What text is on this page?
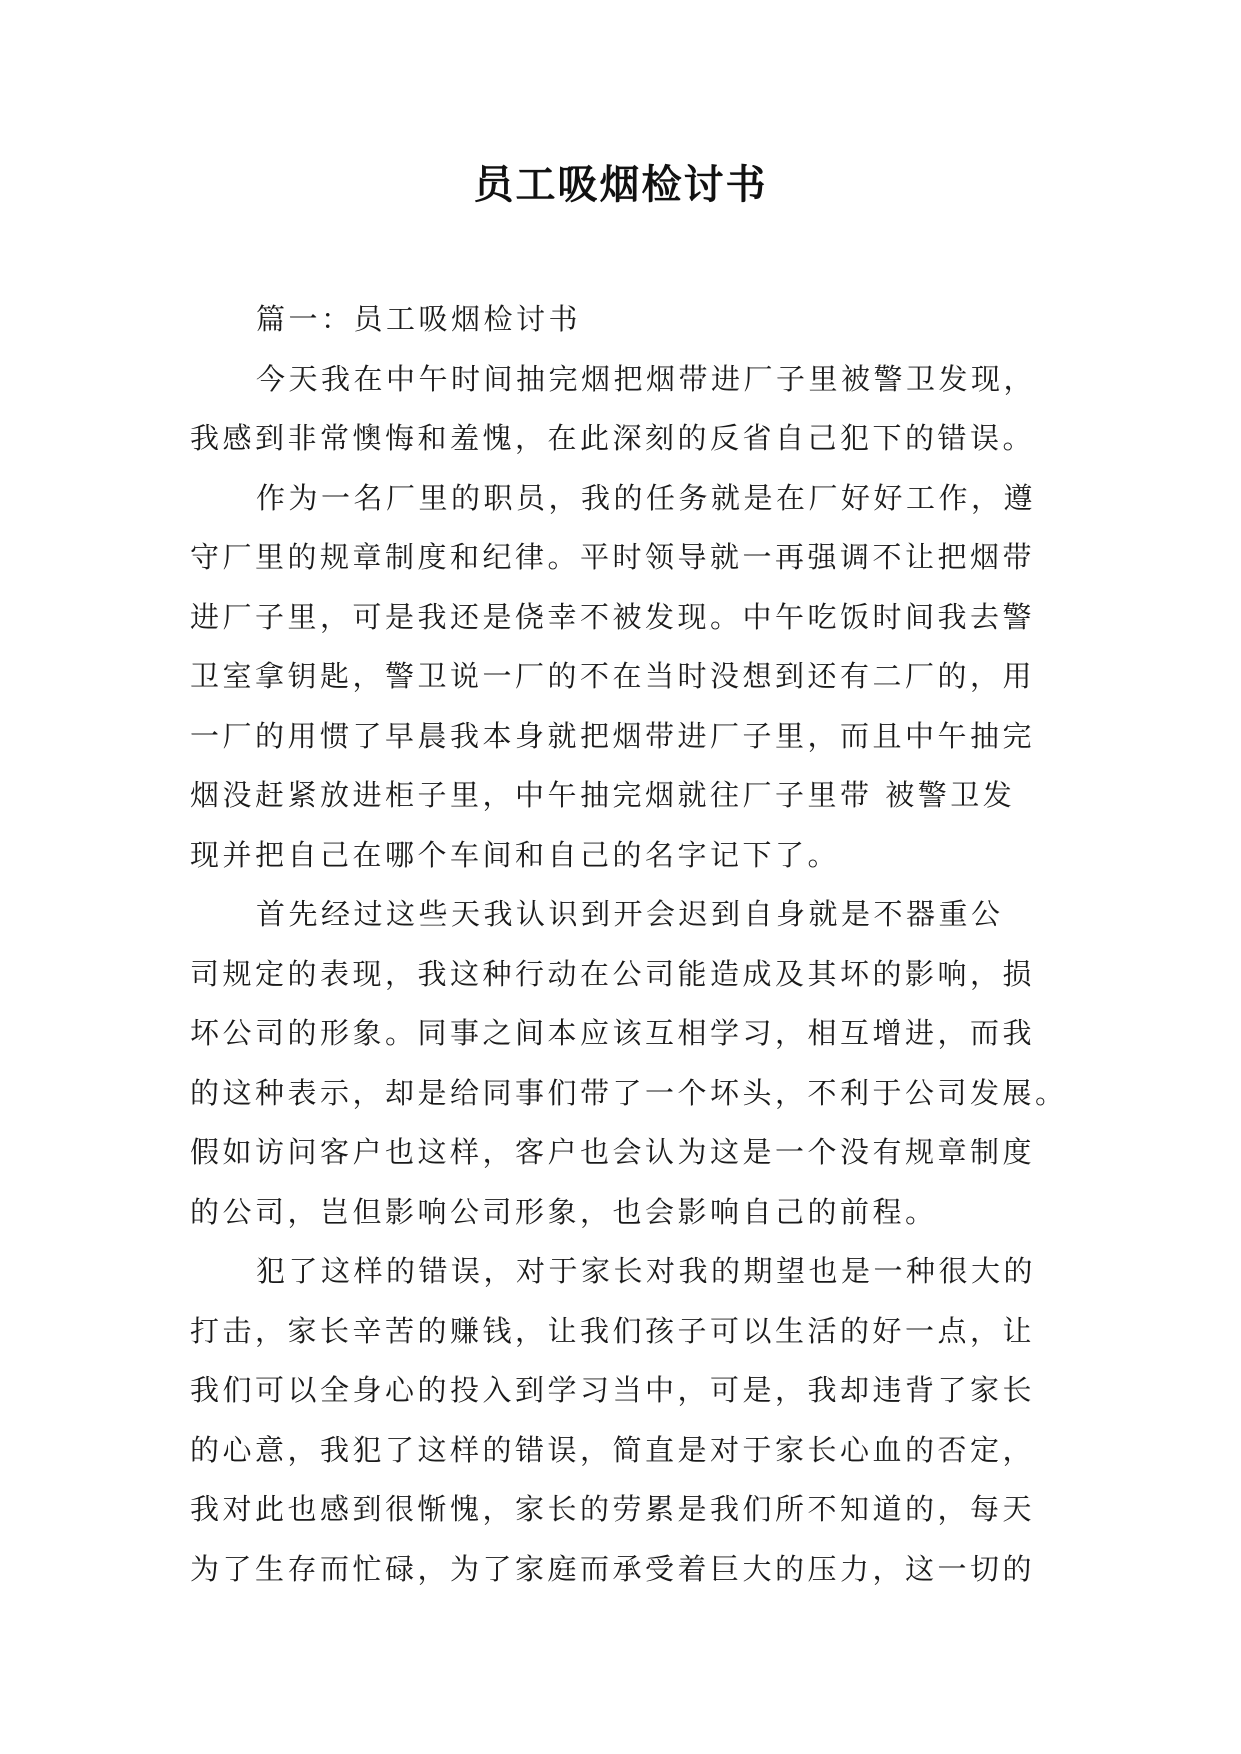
员工吸烟检讨书
篇一：员工吸烟检讨书
今天我在中午时间抽完烟把烟带进厂子里被警卫发现，
我感到非常懊悔和羞愧，在此深刻的反省自己犯下的错误。
作为一名厂里的职员，我的任务就是在厂好好工作，遵
守厂里的规章制度和纪律。平时领导就一再强调不让把烟带
进厂子里，可是我还是侥幸不被发现。中午吃饭时间我去警
卫室拿钥匙，警卫说一厂的不在当时没想到还有二厂的，用
一厂的用惯了早晨我本身就把烟带进厂子里，而且中午抽完
烟没赶紧放进柜子里，中午抽完烟就往厂子里带 被警卫发
现并把自己在哪个车间和自己的名字记下了。
首先经过这些天我认识到开会迟到自身就是不器重公
司规定的表现，我这种行动在公司能造成及其坏的影响，损
坏公司的形象。同事之间本应该互相学习，相互增进，而我
的这种表示，却是给同事们带了一个坏头，不利于公司发展。
假如访问客户也这样，客户也会认为这是一个没有规章制度
的公司，岂但影响公司形象，也会影响自己的前程。
犯了这样的错误，对于家长对我的期望也是一种很大的
打击，家长辛苦的赚钱，让我们孩子可以生活的好一点，让
我们可以全身心的投入到学习当中，可是，我却违背了家长
的心意，我犯了这样的错误，简直是对于家长心血的否定，
我对此也感到很惭愧，家长的劳累是我们所不知道的，每天
为了生存而忙碌，为了家庭而承受着巨大的压力，这一切的
